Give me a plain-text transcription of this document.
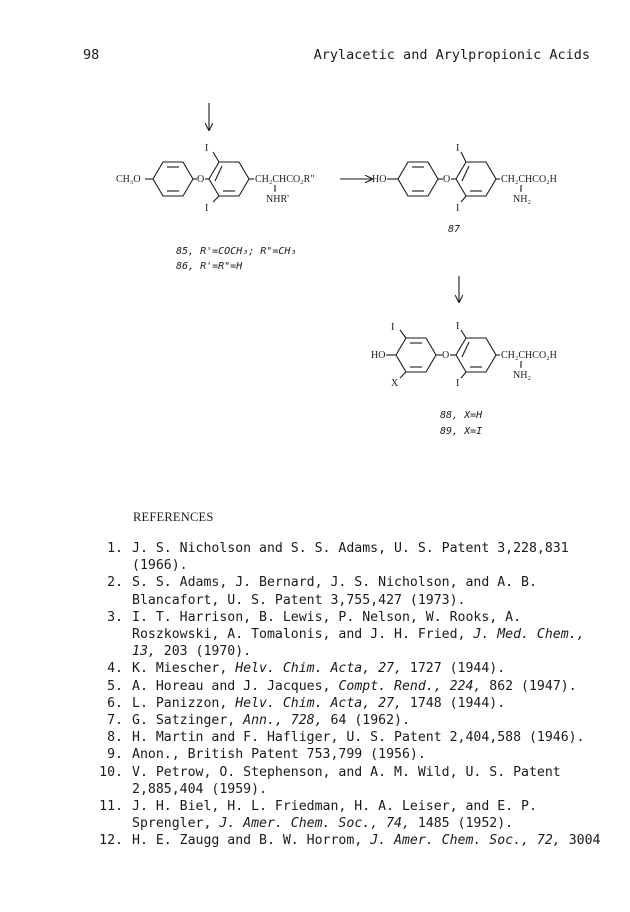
98	Arylacetic and Arylpropionic Acids
CH₃O	O
I
I
CH₂CHCO₂R"
NHR'
85, R'=COCH₃; R"=CH₃
86, R'=R"=H
HO	O
I
I
CH₂CHCO₂H
NH₂
87
HO
I
X
O
I
I
CH₂CHCO₂H
NH₂
88, X=H
89, X=I
REFERENCES
1. J. S. Nicholson and S. S. Adams, U. S. Patent 3,228,831 (1966).
2. S. S. Adams, J. Bernard, J. S. Nicholson, and A. B. Blancafort, U. S. Patent 3,755,427 (1973).
3. I. T. Harrison, B. Lewis, P. Nelson, W. Rooks, A. Roszkowski, A. Tomalonis, and J. H. Fried, J. Med. Chem., 13, 203 (1970).
4. K. Miescher, Helv. Chim. Acta, 27, 1727 (1944).
5. A. Horeau and J. Jacques, Compt. Rend., 224, 862 (1947).
6. L. Panizzon, Helv. Chim. Acta, 27, 1748 (1944).
7. G. Satzinger, Ann., 728, 64 (1962).
8. H. Martin and F. Hafliger, U. S. Patent 2,404,588 (1946).
9. Anon., British Patent 753,799 (1956).
10. V. Petrow, O. Stephenson, and A. M. Wild, U. S. Patent 2,885,404 (1959).
11. J. H. Biel, H. L. Friedman, H. A. Leiser, and E. P. Sprengler, J. Amer. Chem. Soc., 74, 1485 (1952).
12. H. E. Zaugg and B. W. Horrom, J. Amer. Chem. Soc., 72, 3004
